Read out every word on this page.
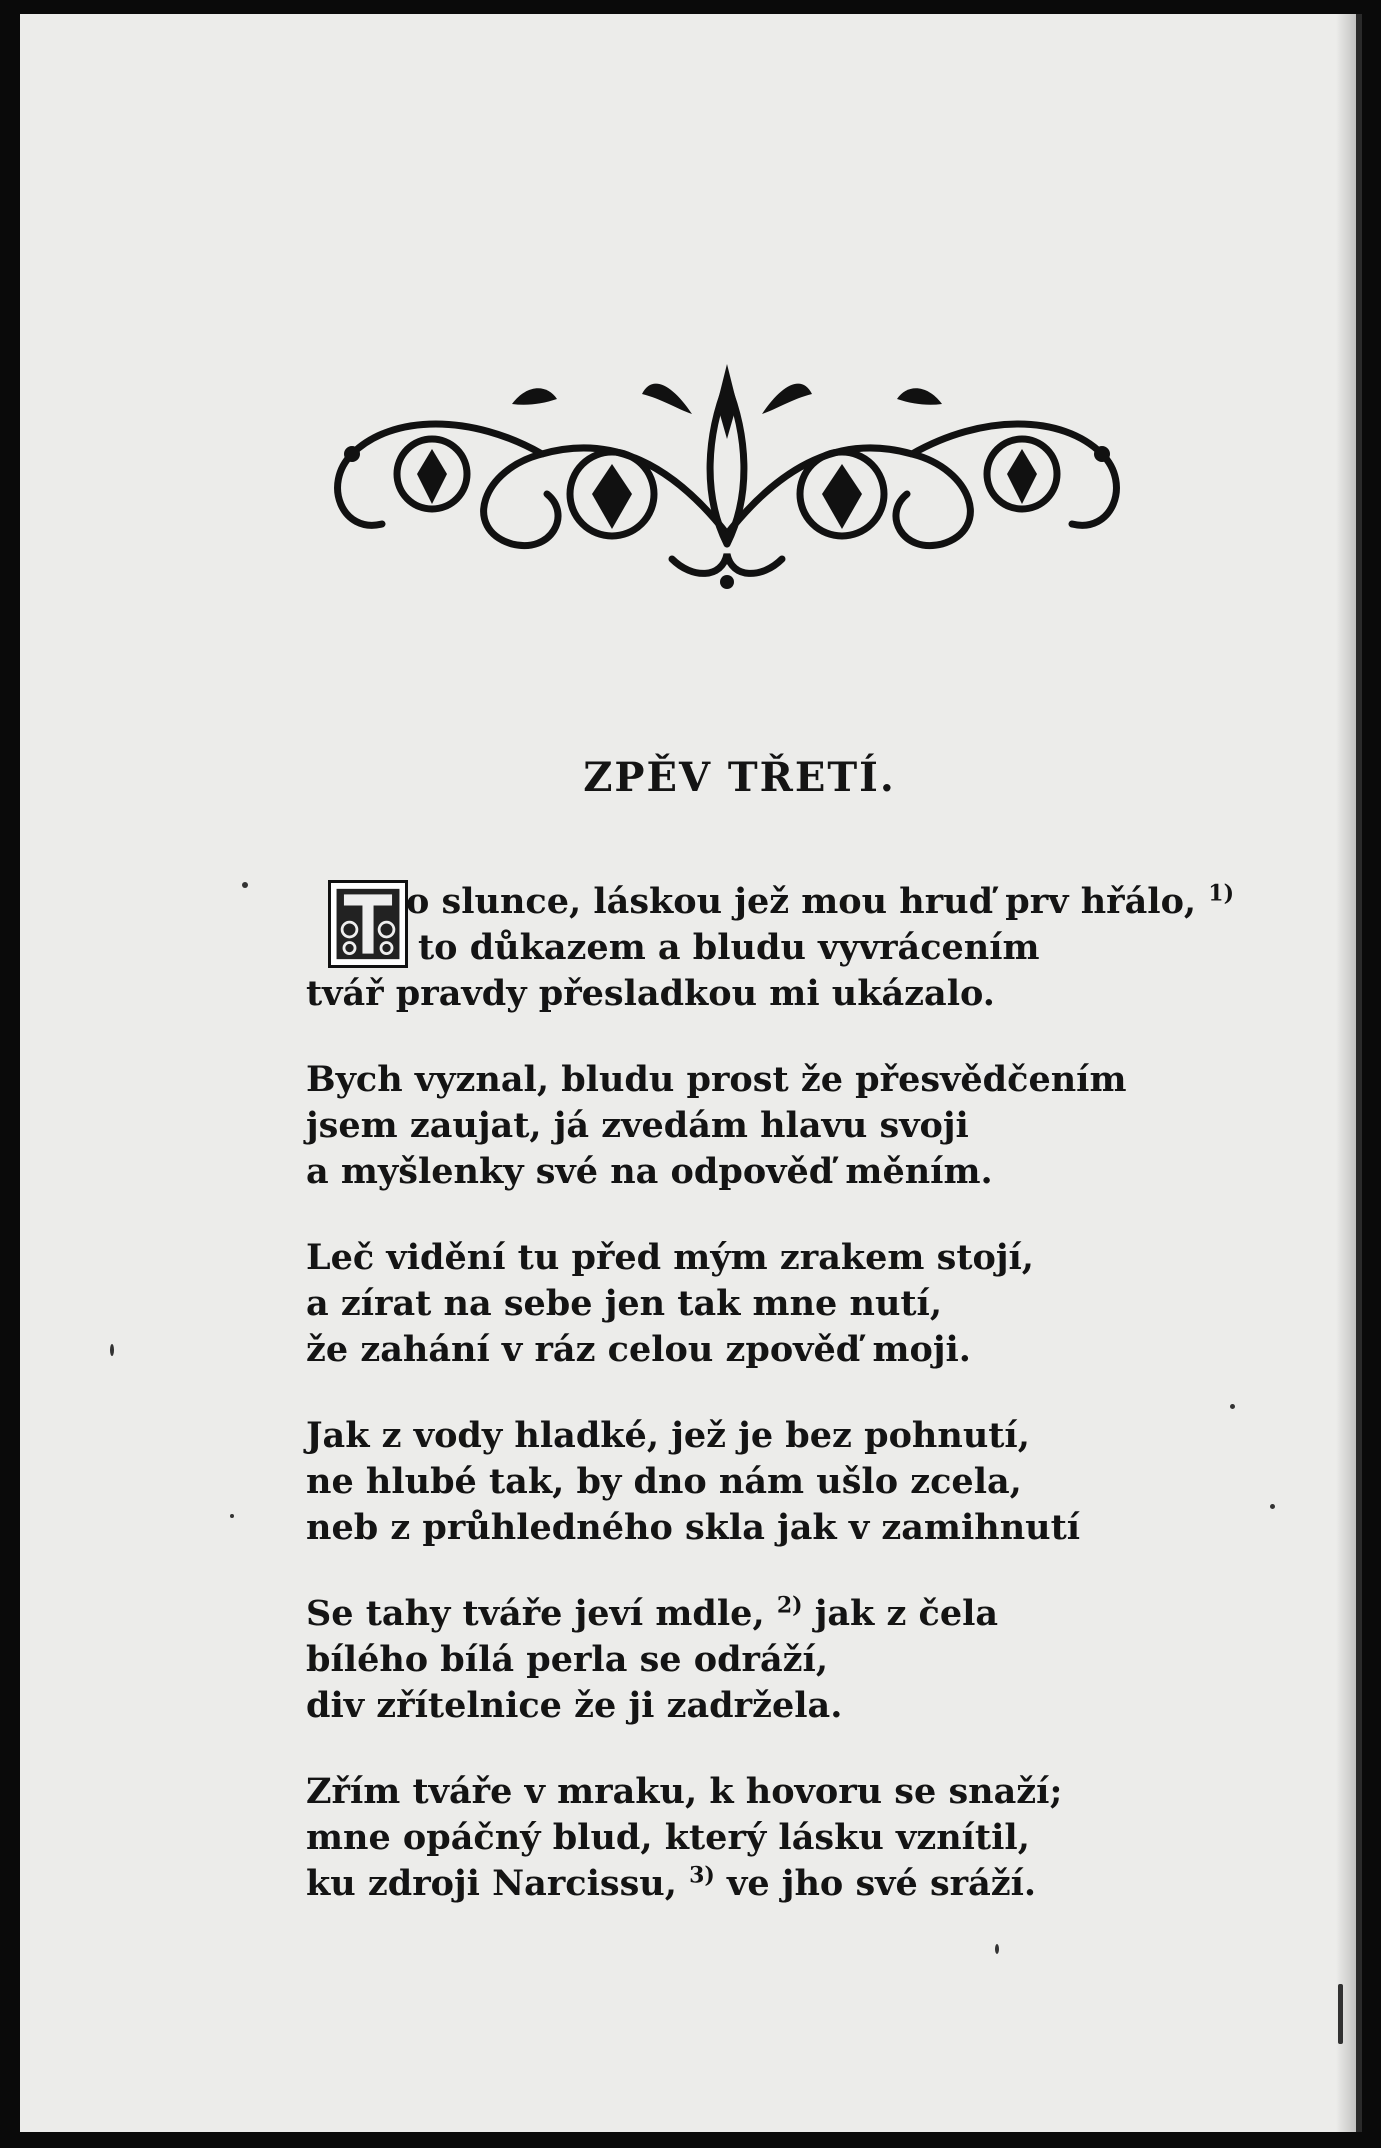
ZPĚV TŘETÍ.
o slunce, láskou jež mou hruď prv hřálo, $^{1)}$
to důkazem a bludu vyvrácením
tvář pravdy přesladkou mi ukázalo.
Bych vyznal, bludu prost že přesvědčením
jsem zaujat, já zvedám hlavu svoji
a myšlenky své na odpověď měním.
Leč vidění tu před mým zrakem stojí,
a zírat na sebe jen tak mne nutí,
že zahání v ráz celou zpověď moji.
Jak z vody hladké, jež je bez pohnutí,
ne hlubé tak, by dno nám ušlo zcela,
neb z průhledného skla jak v zamihnutí
Se tahy tváře jeví mdle, $^{2)}$ jak z čela
bílého bílá perla se odráží,
div zřítelnice že ji zadržela.
Zřím tváře v mraku, k hovoru se snaží;
mne opáčný blud, který lásku vznítil,
ku zdroji Narcissu, $^{3)}$ ve jho své sráží.
